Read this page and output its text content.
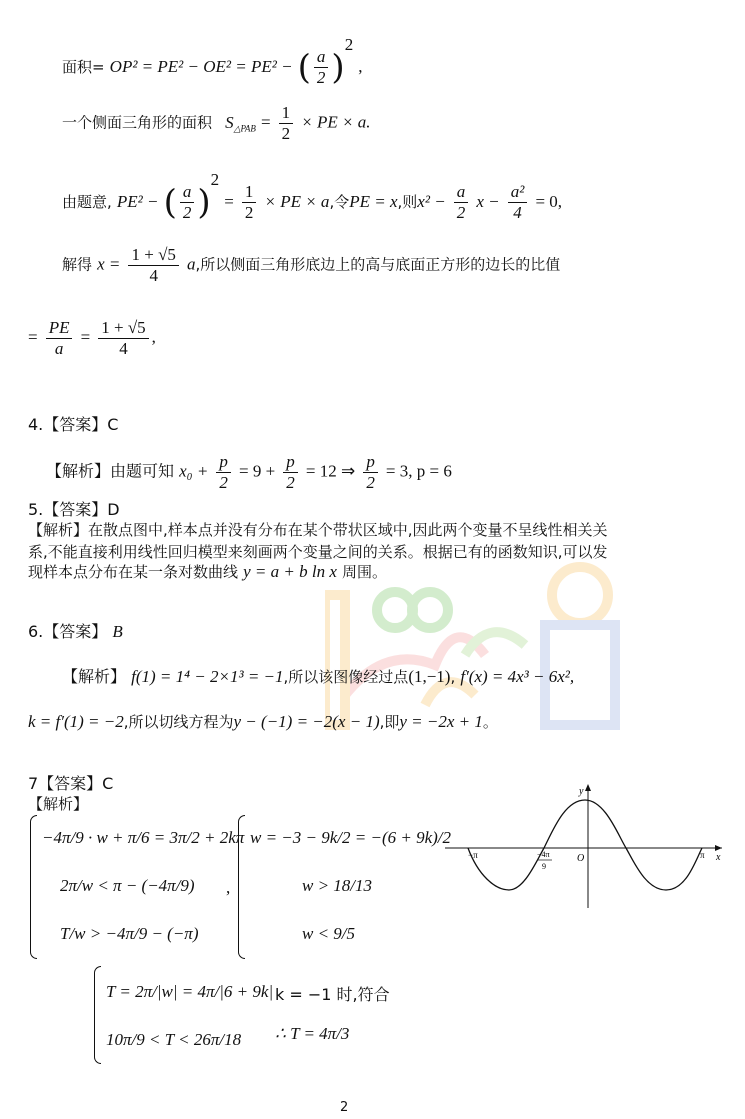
面积= OP² = PE² − OE² = PE² − ( $\frac{a}{2} )^2$ ,
一个侧面三角形的面积 $S_{\triangle PAB} = \frac{1}{2}$ × PE × a.
由题意, PE² − ( $\frac{a}{2} )^2 = \frac{1}{2}$ × PE × a,令PE = x,则$x^2 - \frac{a}{2}$ $x - \frac{\text{a²}}{4} = 0$,
解得 $x = \frac{1 + √5}{4} a$,所以侧面三角形底边上的高与底面正方形的边长的比值
= $\frac{PE}{a} = \frac{1 + √5}{4}$ ,
4.【答案】C
【解析】由题可知 $x_0 + \frac{p}{2} = 9 + \frac{p}{2} = 12$ ⇒ $\frac{p}{2} = 3$, p = 6
5.【答案】D
【解析】在散点图中,样本点并没有分布在某个带状区域中,因此两个变量不呈线性相关关
系,不能直接利用线性回归模型来刻画两个变量之间的关系。根据已有的函数知识,可以发
现样本点分布在某一条对数曲线 y = a + b ln x 周围。
6.【答案】 B
【解析】 f(1) = 1⁴ − 2×1³ = −1,所以该图像经过点(1,−1), f′(x) = 4x³ − 6x²,
k = f′(1) = −2,所以切线方程为y − (−1) = −2(x − 1),即y = −2x + 1。
7【答案】C
【解析】
−4π/9 · w + π/6 = 3π/2 + 2kπ
2π/w < π − (−4π/9)
T/w > −4π/9 − (−π)
,
w = −3 − 9k/2 = −(6 + 9k)/2
w > 18/13
w < 9/5
T = 2π/|w| = 4π/|6 + 9k|
10π/9 < T < 26π/18
k = −1 时,符合
∴ T = 4π/3
y
x
O
−π	π
−4π
9
2
